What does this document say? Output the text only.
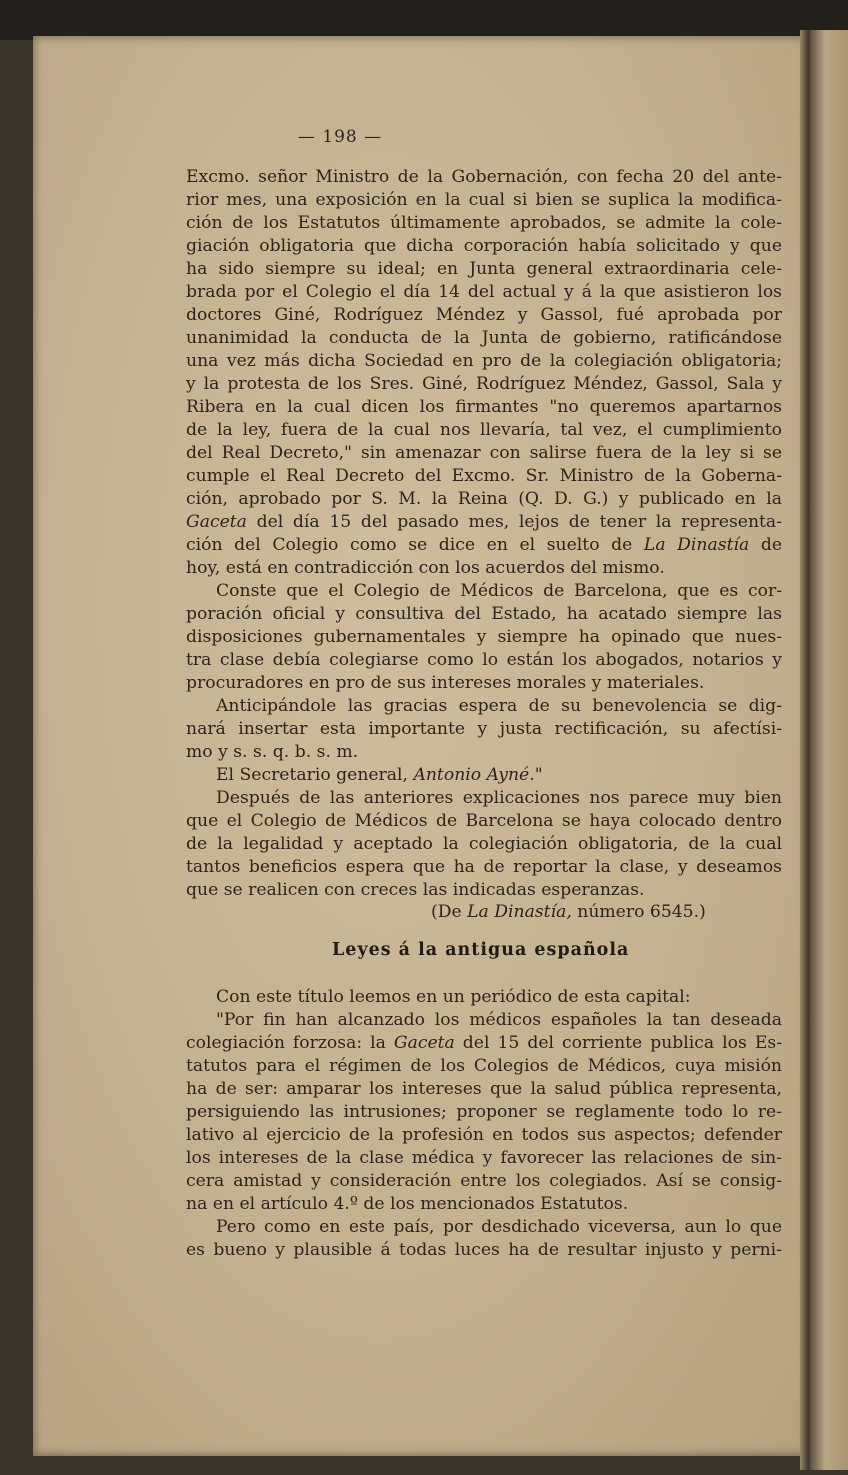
— 198 —
Excmo. señor Ministro de la Gobernación, con fecha 20 del ante-
rior mes, una exposición en la cual si bien se suplica la modifica-
ción de los Estatutos últimamente aprobados, se admite la cole-
giación obligatoria que dicha corporación había solicitado y que
ha sido siempre su ideal; en Junta general extraordinaria cele-
brada por el Colegio el día 14 del actual y á la que asistieron los
doctores Giné, Rodríguez Méndez y Gassol, fué aprobada por
unanimidad la conducta de la Junta de gobierno, ratificándose
una vez más dicha Sociedad en pro de la colegiación obligatoria;
y la protesta de los Sres. Giné, Rodríguez Méndez, Gassol, Sala y
Ribera en la cual dicen los firmantes "no queremos apartarnos
de la ley, fuera de la cual nos llevaría, tal vez, el cumplimiento
del Real Decreto," sin amenazar con salirse fuera de la ley si se
cumple el Real Decreto del Excmo. Sr. Ministro de la Goberna-
ción, aprobado por S. M. la Reina (Q. D. G.) y publicado en la
Gaceta del día 15 del pasado mes, lejos de tener la representa-
ción del Colegio como se dice en el suelto de La Dinastía de
hoy, está en contradicción con los acuerdos del mismo.
Conste que el Colegio de Médicos de Barcelona, que es cor-
poración oficial y consultiva del Estado, ha acatado siempre las
disposiciones gubernamentales y siempre ha opinado que nues-
tra clase debía colegiarse como lo están los abogados, notarios y
procuradores en pro de sus intereses morales y materiales.
Anticipándole las gracias espera de su benevolencia se dig-
nará insertar esta importante y justa rectificación, su afectísi-
mo y s. s. q. b. s. m.
El Secretario general, Antonio Ayné."
Después de las anteriores explicaciones nos parece muy bien
que el Colegio de Médicos de Barcelona se haya colocado dentro
de la legalidad y aceptado la colegiación obligatoria, de la cual
tantos beneficios espera que ha de reportar la clase, y deseamos
que se realicen con creces las indicadas esperanzas.
Con este título leemos en un periódico de esta capital:
"Por fin han alcanzado los médicos españoles la tan deseada
colegiación forzosa: la Gaceta del 15 del corriente publica los Es-
tatutos para el régimen de los Colegios de Médicos, cuya misión
ha de ser: amparar los intereses que la salud pública representa,
persiguiendo las intrusiones; proponer se reglamente todo lo re-
lativo al ejercicio de la profesión en todos sus aspectos; defender
los intereses de la clase médica y favorecer las relaciones de sin-
cera amistad y consideración entre los colegiados. Así se consig-
na en el artículo 4.º de los mencionados Estatutos.
Pero como en este país, por desdichado viceversa, aun lo que
es bueno y plausible á todas luces ha de resultar injusto y perni-
(De La Dinastía, número 6545.)
Leyes á la antigua española
